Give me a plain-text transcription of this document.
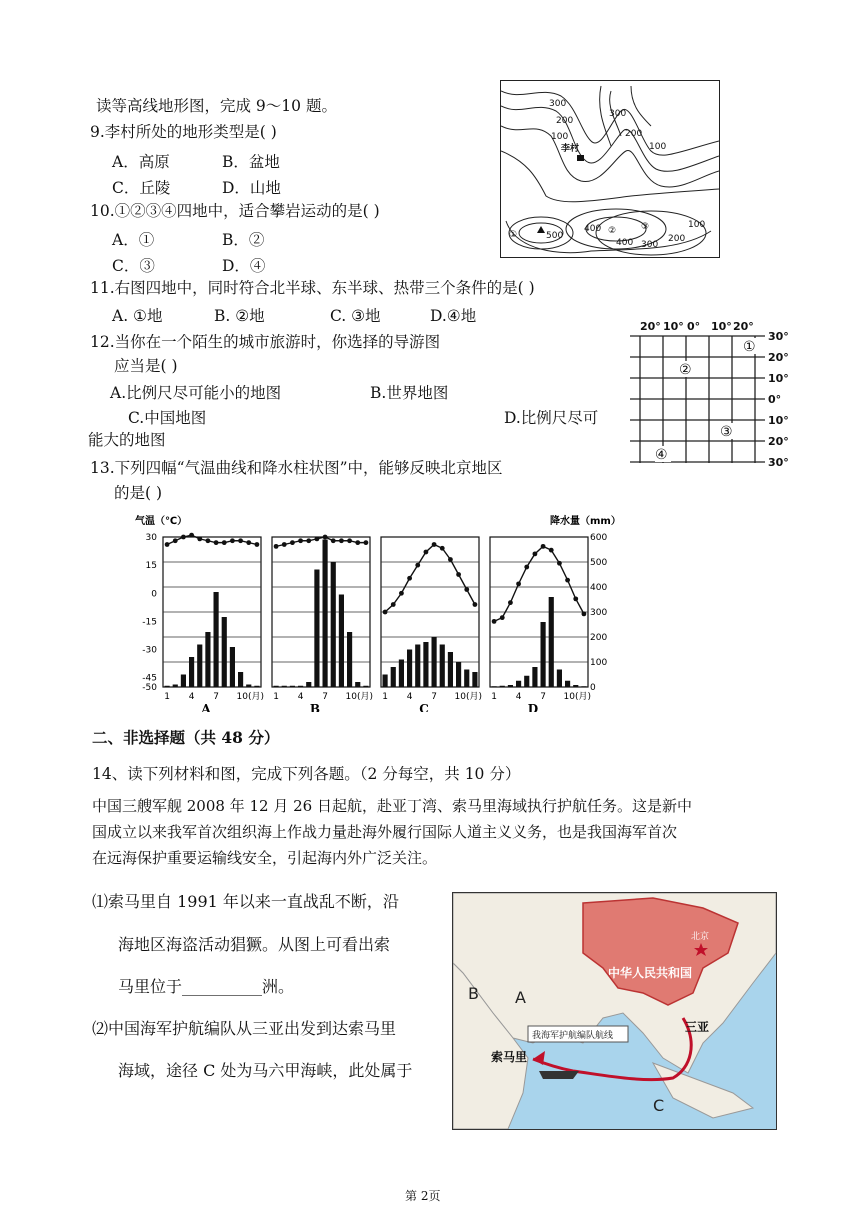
读等高线地形图，完成 9～10 题。
9.李村所处的地形类型是( )
A．高原	B．盆地
C．丘陵	D．山地
10.①②③④四地中，适合攀岩运动的是( )
A．①	B．②
C．③	D．④
11.右图四地中，同时符合北半球、东半球、热带三个条件的是( )
A. ①地	B. ②地	C. ③地	D.④地
12.当你在一个陌生的城市旅游时，你选择的导游图
应当是( )
A.比例尺尽可能小的地图	B.世界地图
C.中国地图	D.比例尺尽可
能大的地图
13.下列四幅“气温曲线和降水柱状图”中，能够反映北京地区
的是( )
300
300
200
100	200
100
李村
①	500
400 ②	③
400 300
200
100
20° 10° 0° 10° 20°
30°
20°
10°
0°
10°
20°
30°
①
②
③
④
气温（℃）	降水量（mm）
30
15
0
-15
-30
-45
-50
600
500
400
300
200
100
0
1 4 7 10(月)
A
1 4 7 10(月)
B
1 4 7 10(月)
C
1 4 7 10(月)
D
二、非选择题（共 48 分）
14、读下列材料和图，完成下列各题。（2 分每空，共 10 分）
中国三艘军舰 2008 年 12 月 26 日起航，赴亚丁湾、索马里海域执行护航任务。这是新中
国成立以来我军首次组织海上作战力量赴海外履行国际人道主义义务，也是我国海军首次
在远海保护重要运输线安全，引起海内外广泛关注。
⑴索马里自 1991 年以来一直战乱不断，沿
海地区海盗活动猖獗。从图上可看出索
马里位于__________洲。
⑵中国海军护航编队从三亚出发到达索马里
海域，途径 C 处为马六甲海峡，此处属于
北京
中华人民共和国
三亚
索马里
我海军护航编队航线
B A
C
第 2页
